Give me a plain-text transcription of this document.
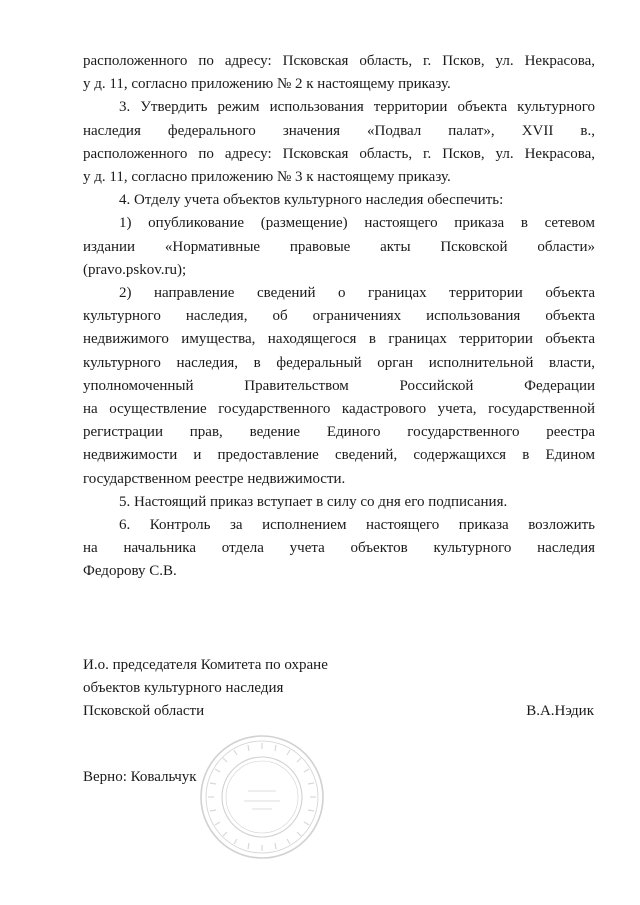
расположенного по адресу: Псковская область, г. Псков, ул. Некрасова,
у д. 11, согласно приложению № 2 к настоящему приказу.
3. Утвердить режим использования территории объекта культурного
наследия федерального значения «Подвал палат», XVII в.,
расположенного по адресу: Псковская область, г. Псков, ул. Некрасова,
у д. 11, согласно приложению № 3 к настоящему приказу.
4. Отделу учета объектов культурного наследия обеспечить:
1) опубликование (размещение) настоящего приказа в сетевом
издании «Нормативные правовые акты Псковской области»
(pravo.pskov.ru);
2) направление сведений о границах территории объекта
культурного наследия, об ограничениях использования объекта
недвижимого имущества, находящегося в границах территории объекта
культурного наследия, в федеральный орган исполнительной власти,
уполномоченный Правительством Российской Федерации
на осуществление государственного кадастрового учета, государственной
регистрации прав, ведение Единого государственного реестра
недвижимости и предоставление сведений, содержащихся в Едином
государственном реестре недвижимости.
5. Настоящий приказ вступает в силу со дня его подписания.
6. Контроль за исполнением настоящего приказа возложить
на начальника отдела учета объектов культурного наследия
Федорову С.В.
И.о. председателя Комитета по охране
объектов культурного наследия
Псковской области	В.А.Нэдик
Верно: Ковальчук
